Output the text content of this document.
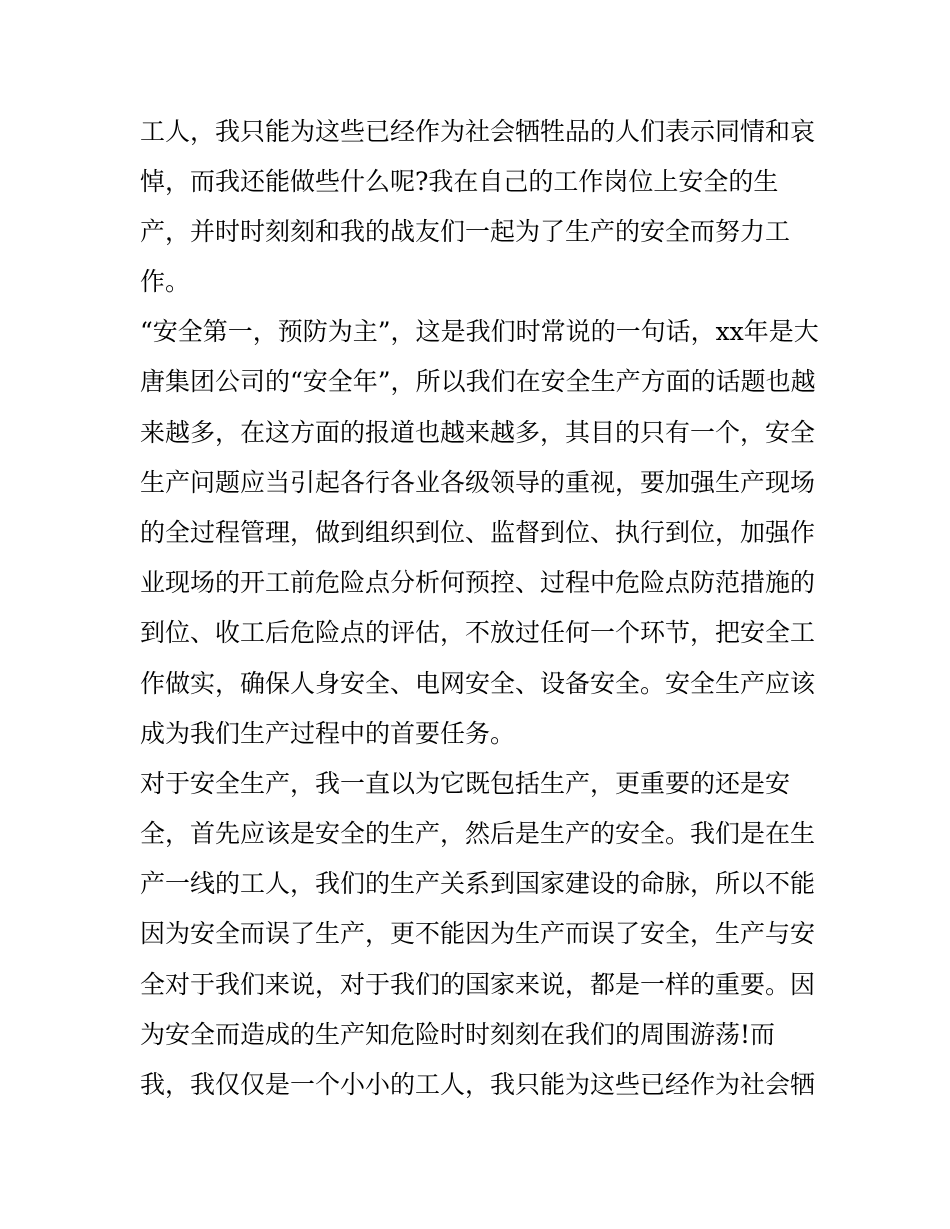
工人，我只能为这些已经作为社会牺牲品的人们表示同情和哀

悼，而我还能做些什么呢?我在自己的工作岗位上安全的生

产，并时时刻刻和我的战友们一起为了生产的安全而努力工

作。

“安全第一，预防为主”，这是我们时常说的一句话，xx年是大

唐集团公司的“安全年”，所以我们在安全生产方面的话题也越

来越多，在这方面的报道也越来越多，其目的只有一个，安全

生产问题应当引起各行各业各级领导的重视，要加强生产现场

的全过程管理，做到组织到位、监督到位、执行到位，加强作

业现场的开工前危险点分析何预控、过程中危险点防范措施的

到位、收工后危险点的评估，不放过任何一个环节，把安全工

作做实，确保人身安全、电网安全、设备安全。安全生产应该

成为我们生产过程中的首要任务。

对于安全生产，我一直以为它既包括生产，更重要的还是安

全，首先应该是安全的生产，然后是生产的安全。我们是在生

产一线的工人，我们的生产关系到国家建设的命脉，所以不能

因为安全而误了生产，更不能因为生产而误了安全，生产与安

全对于我们来说，对于我们的国家来说，都是一样的重要。因

为安全而造成的生产知危险时时刻刻在我们的周围游荡!而

我，我仅仅是一个小小的工人，我只能为这些已经作为社会牺
